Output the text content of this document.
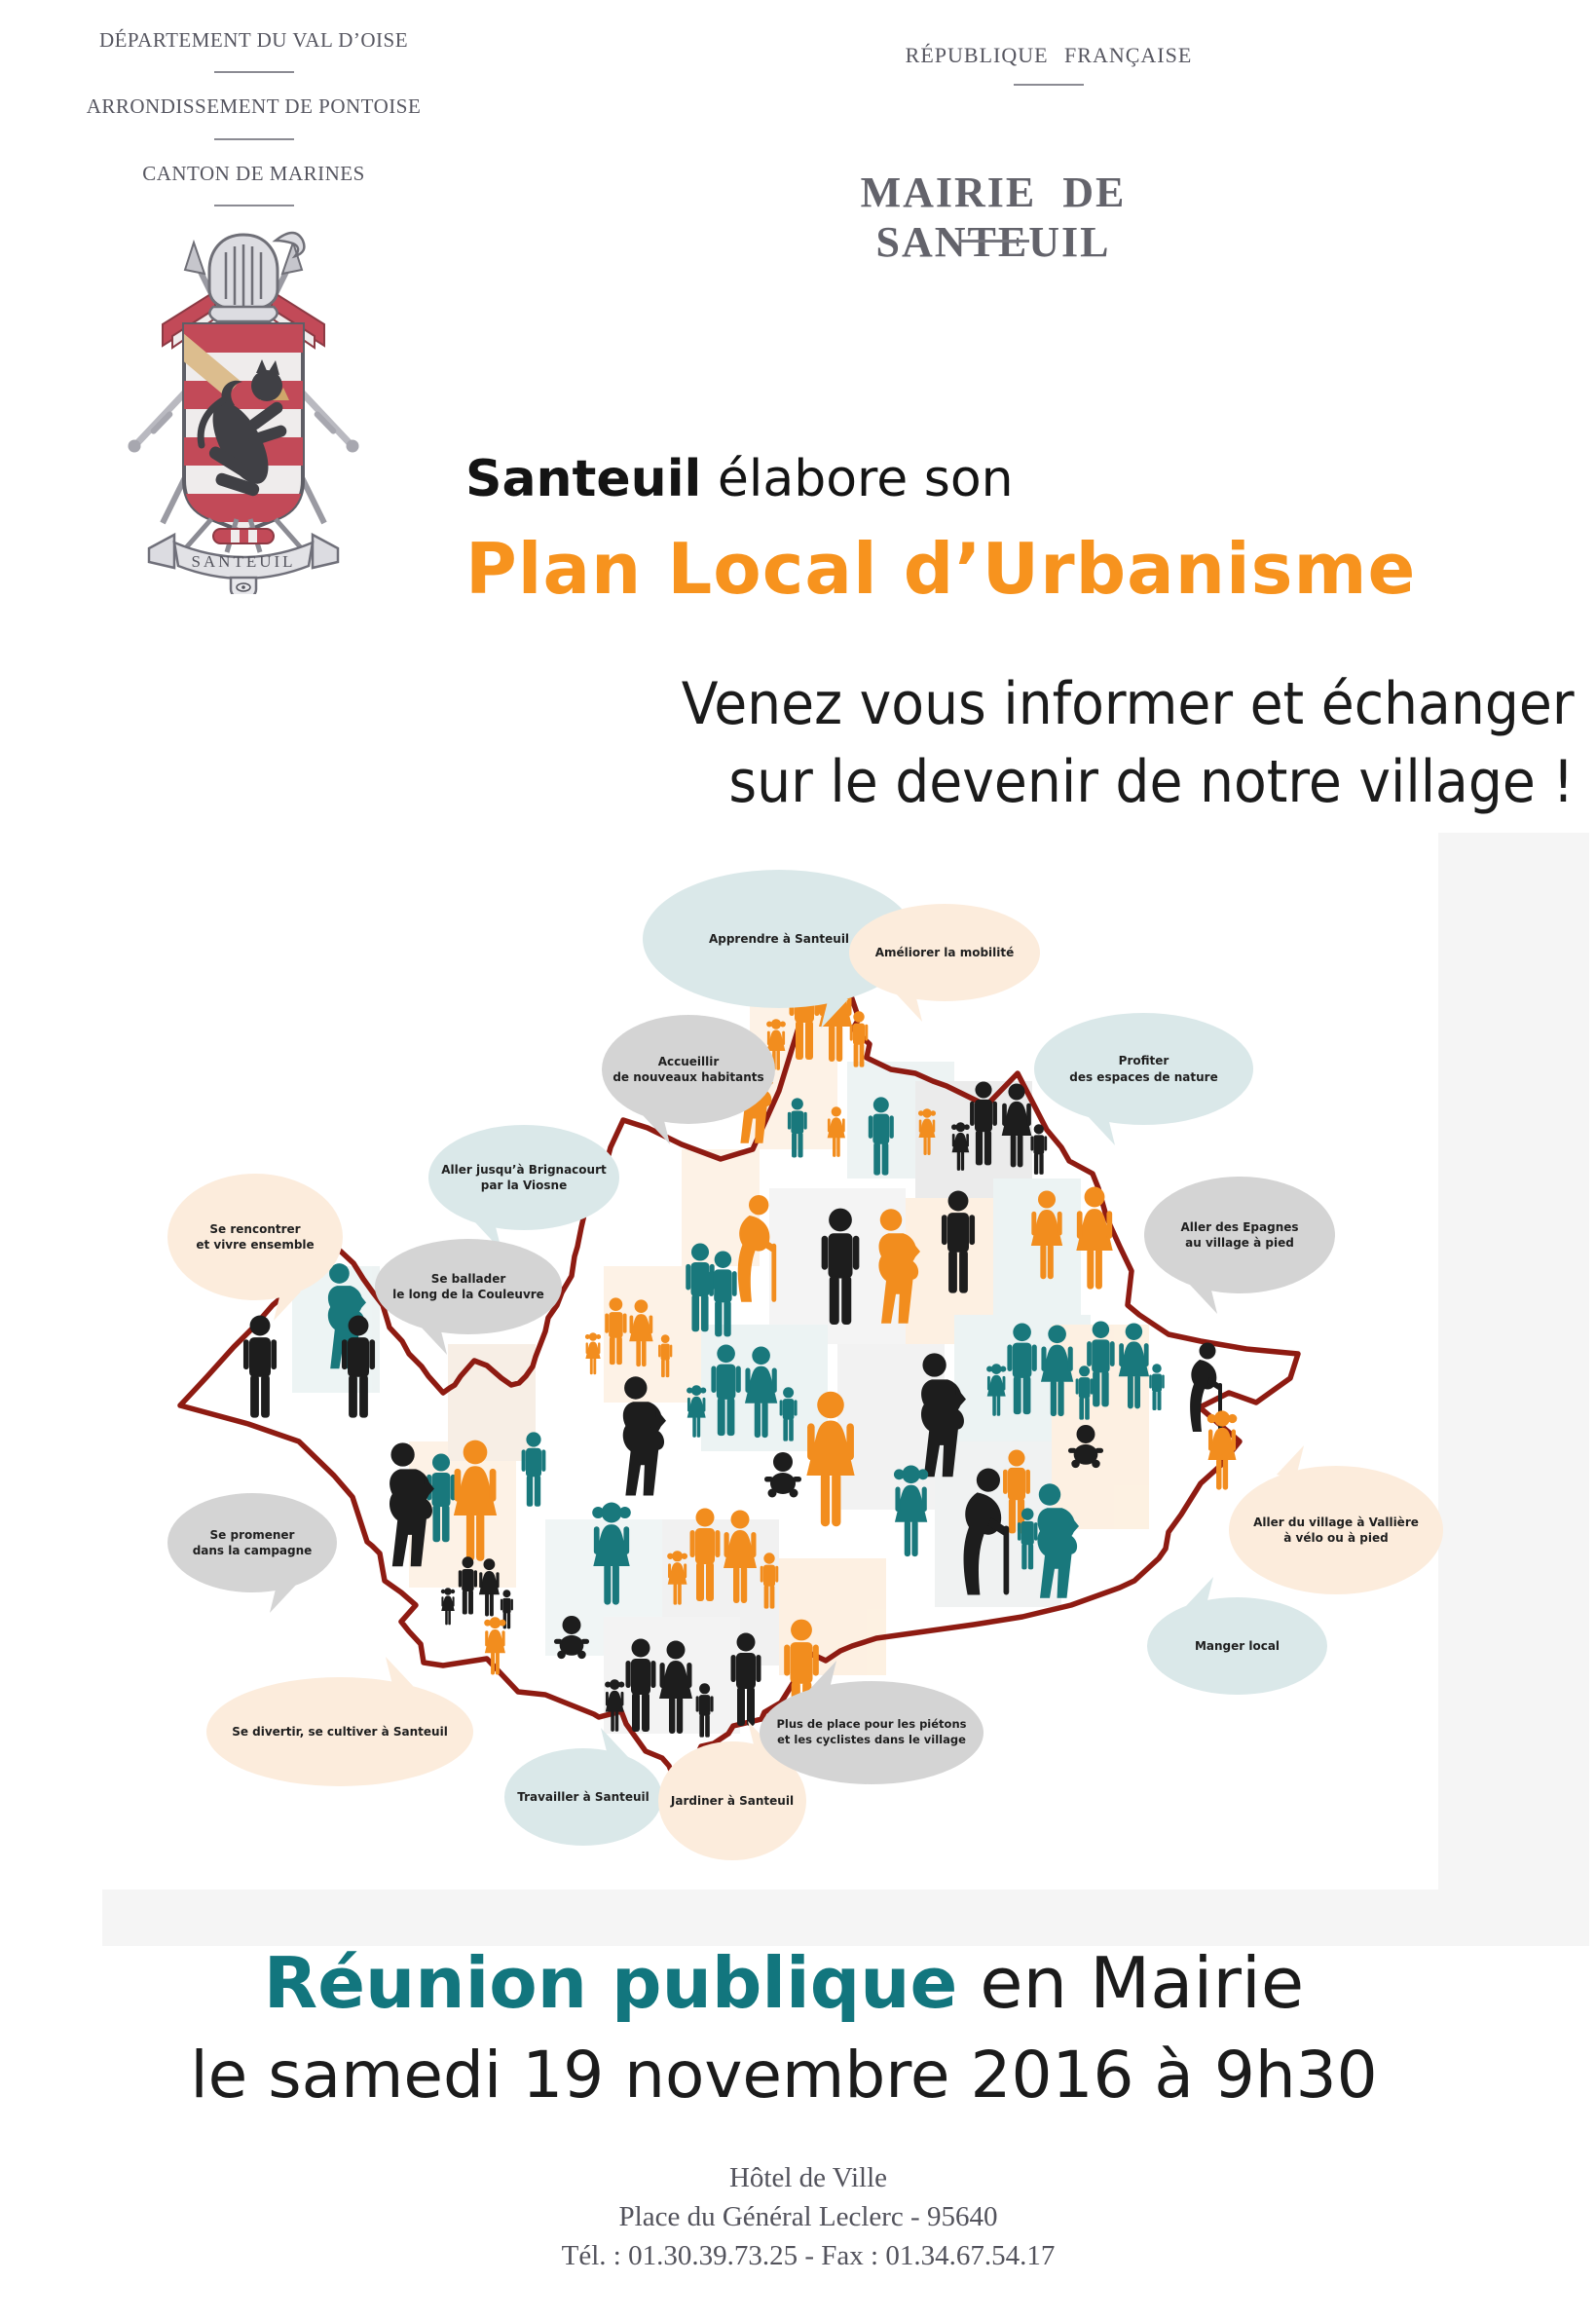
DÉPARTEMENT DU VAL D’OISE
ARRONDISSEMENT DE PONTOISE
CANTON DE MARINES
RÉPUBLIQUE FRANÇAISE
MAIRIE DE SANTEUIL
SANTEUIL
Santeuil élabore son
Plan Local d’Urbanisme
Venez vous informer et échanger
sur le devenir de notre village !
Apprendre à Santeuil
Améliorer la mobilité
Accueillir
de nouveaux habitants
Profiter
des espaces de nature
Aller jusqu’à Brignacourt
par la Viosne
Se rencontrer
et vivre ensemble
Se ballader
le long de la Couleuvre
Aller des Epagnes
au village à pied
Aller du village à Vallière
à vélo ou à pied
Manger local
Se promener
dans la campagne
Se divertir, se cultiver à Santeuil
Travailler à Santeuil Jardiner à Santeuil
Plus de place pour les piétons
et les cyclistes dans le village
Réunion publique en Mairie
le samedi 19 novembre 2016 à 9h30
Hôtel de Ville
Place du Général Leclerc - 95640
Tél. : 01.30.39.73.25 - Fax : 01.34.67.54.17
